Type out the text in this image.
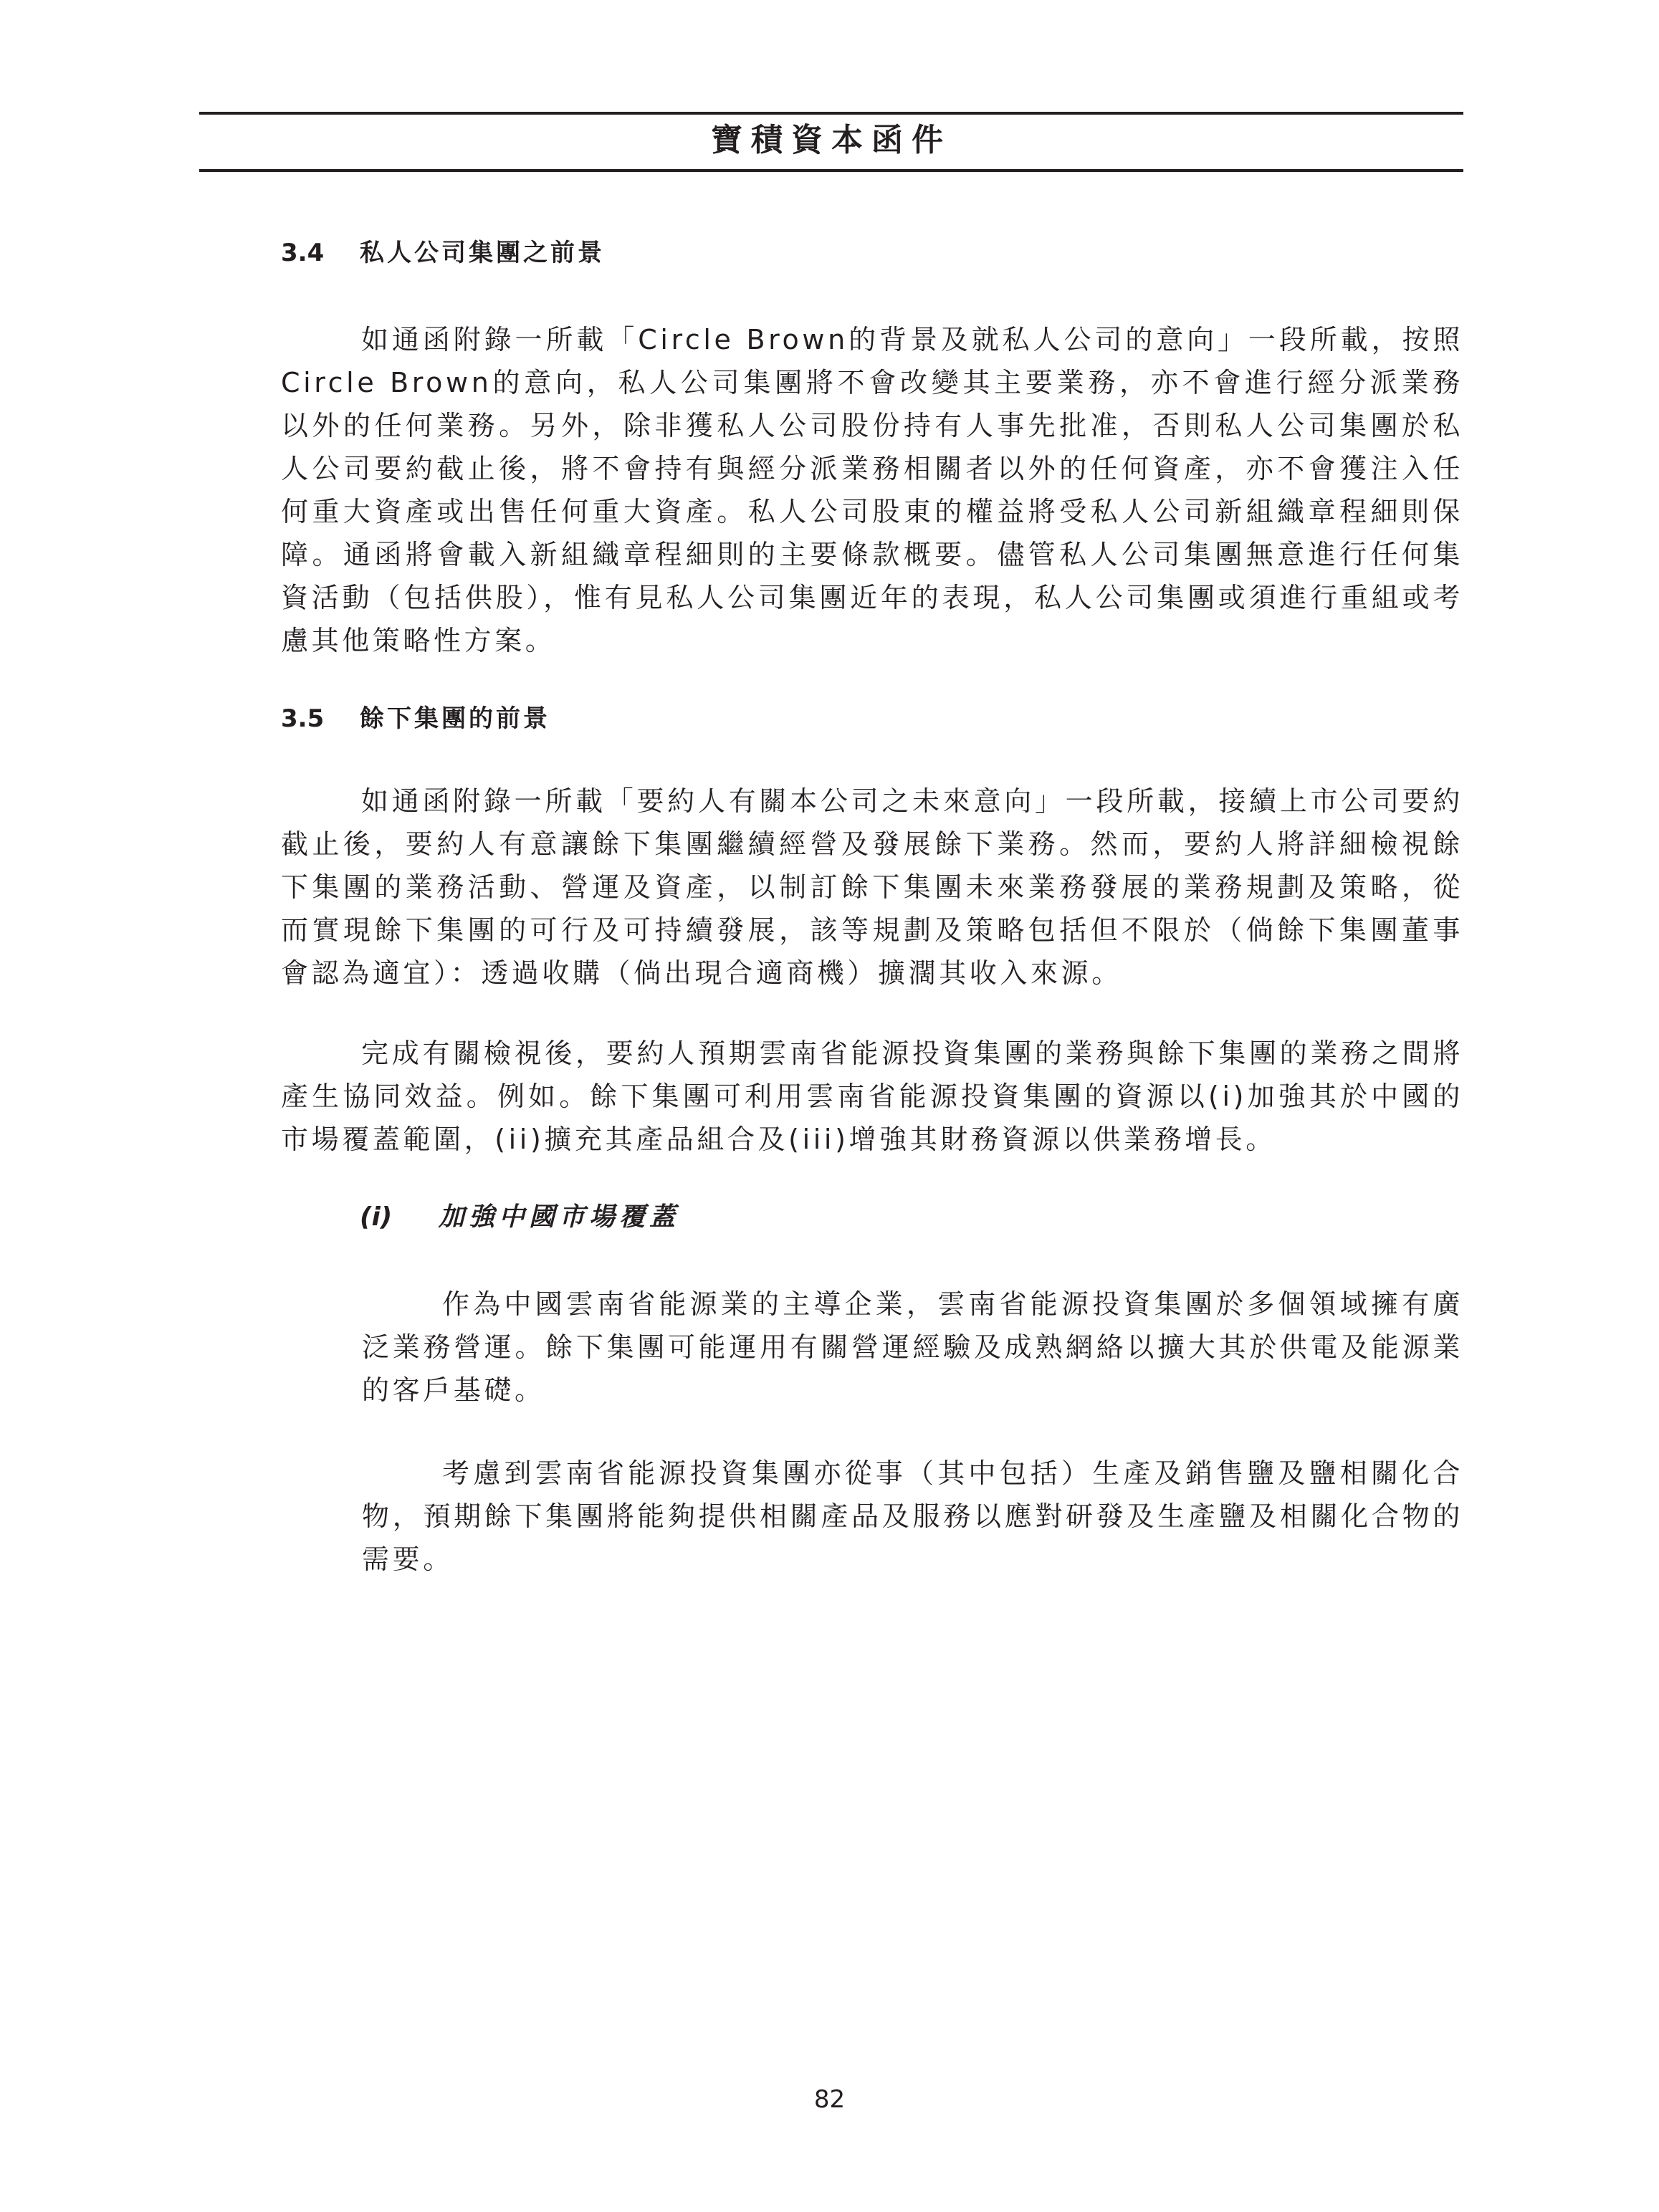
寶積資本函件
3.4 私人公司集團之前景

如通函附錄一所載「Circle Brown的背景及就私人公司的意向」一段所載，按照Circle Brown的意向，私人公司集團將不會改變其主要業務，亦不會進行經分派業務以外的任何業務。另外，除非獲私人公司股份持有人事先批准，否則私人公司集團於私人公司要約截止後，將不會持有與經分派業務相關者以外的任何資產，亦不會獲注入任何重大資產或出售任何重大資產。私人公司股東的權益將受私人公司新組織章程細則保障。通函將會載入新組織章程細則的主要條款概要。儘管私人公司集團無意進行任何集資活動（包括供股），惟有見私人公司集團近年的表現，私人公司集團或須進行重組或考慮其他策略性方案。

3.5 餘下集團的前景

如通函附錄一所載「要約人有關本公司之未來意向」一段所載，接續上市公司要約截止後，要約人有意讓餘下集團繼續經營及發展餘下業務。然而，要約人將詳細檢視餘下集團的業務活動、營運及資產，以制訂餘下集團未來業務發展的業務規劃及策略，從而實現餘下集團的可行及可持續發展，該等規劃及策略包括但不限於（倘餘下集團董事會認為適宜）：透過收購（倘出現合適商機）擴濶其收入來源。

完成有關檢視後，要約人預期雲南省能源投資集團的業務與餘下集團的業務之間將產生協同效益。例如。餘下集團可利用雲南省能源投資集團的資源以(i)加強其於中國的市場覆蓋範圍，(ii)擴充其產品組合及(iii)增強其財務資源以供業務增長。

(i) 加強中國市場覆蓋

作為中國雲南省能源業的主導企業，雲南省能源投資集團於多個領域擁有廣泛業務營運。餘下集團可能運用有關營運經驗及成熟網絡以擴大其於供電及能源業的客戶基礎。

考慮到雲南省能源投資集團亦從事（其中包括）生產及銷售鹽及鹽相關化合物，預期餘下集團將能夠提供相關產品及服務以應對研發及生產鹽及相關化合物的需要。

82
